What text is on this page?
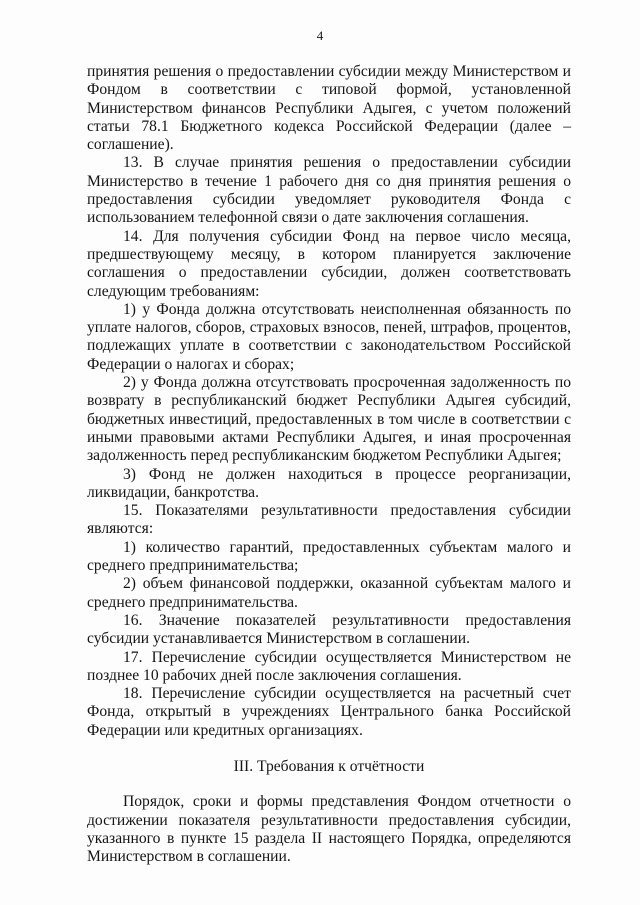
4

принятия решения о предоставлении субсидии между Министерством и Фондом в соответствии с типовой формой, установленной Министерством финансов Республики Адыгея, с учетом положений статьи 78.1 Бюджетного кодекса Российской Федерации (далее – соглашение).

13. В случае принятия решения о предоставлении субсидии Министерство в течение 1 рабочего дня со дня принятия решения о предоставления субсидии уведомляет руководителя Фонда с использованием телефонной связи о дате заключения соглашения.

14. Для получения субсидии Фонд на первое число месяца, предшествующему месяцу, в котором планируется заключение соглашения о предоставлении субсидии, должен соответствовать следующим требованиям:

1) у Фонда должна отсутствовать неисполненная обязанность по уплате налогов, сборов, страховых взносов, пеней, штрафов, процентов, подлежащих уплате в соответствии с законодательством Российской Федерации о налогах и сборах;

2) у Фонда должна отсутствовать просроченная задолженность по возврату в республиканский бюджет Республики Адыгея субсидий, бюджетных инвестиций, предоставленных в том числе в соответствии с иными правовыми актами Республики Адыгея, и иная просроченная задолженность перед республиканским бюджетом Республики Адыгея;

3) Фонд не должен находиться в процессе реорганизации, ликвидации, банкротства.

15. Показателями результативности предоставления субсидии являются:

1) количество гарантий, предоставленных субъектам малого и среднего предпринимательства;

2) объем финансовой поддержки, оказанной субъектам малого и среднего предпринимательства.

16. Значение показателей результативности предоставления субсидии устанавливается Министерством в соглашении.

17. Перечисление субсидии осуществляется Министерством не позднее 10 рабочих дней после заключения соглашения.

18. Перечисление субсидии осуществляется на расчетный счет Фонда, открытый в учреждениях Центрального банка Российской Федерации или кредитных организациях.

III. Требования к отчётности

Порядок, сроки и формы представления Фондом отчетности о достижении показателя результативности предоставления субсидии, указанного в пункте 15 раздела II настоящего Порядка, определяются Министерством в соглашении.
